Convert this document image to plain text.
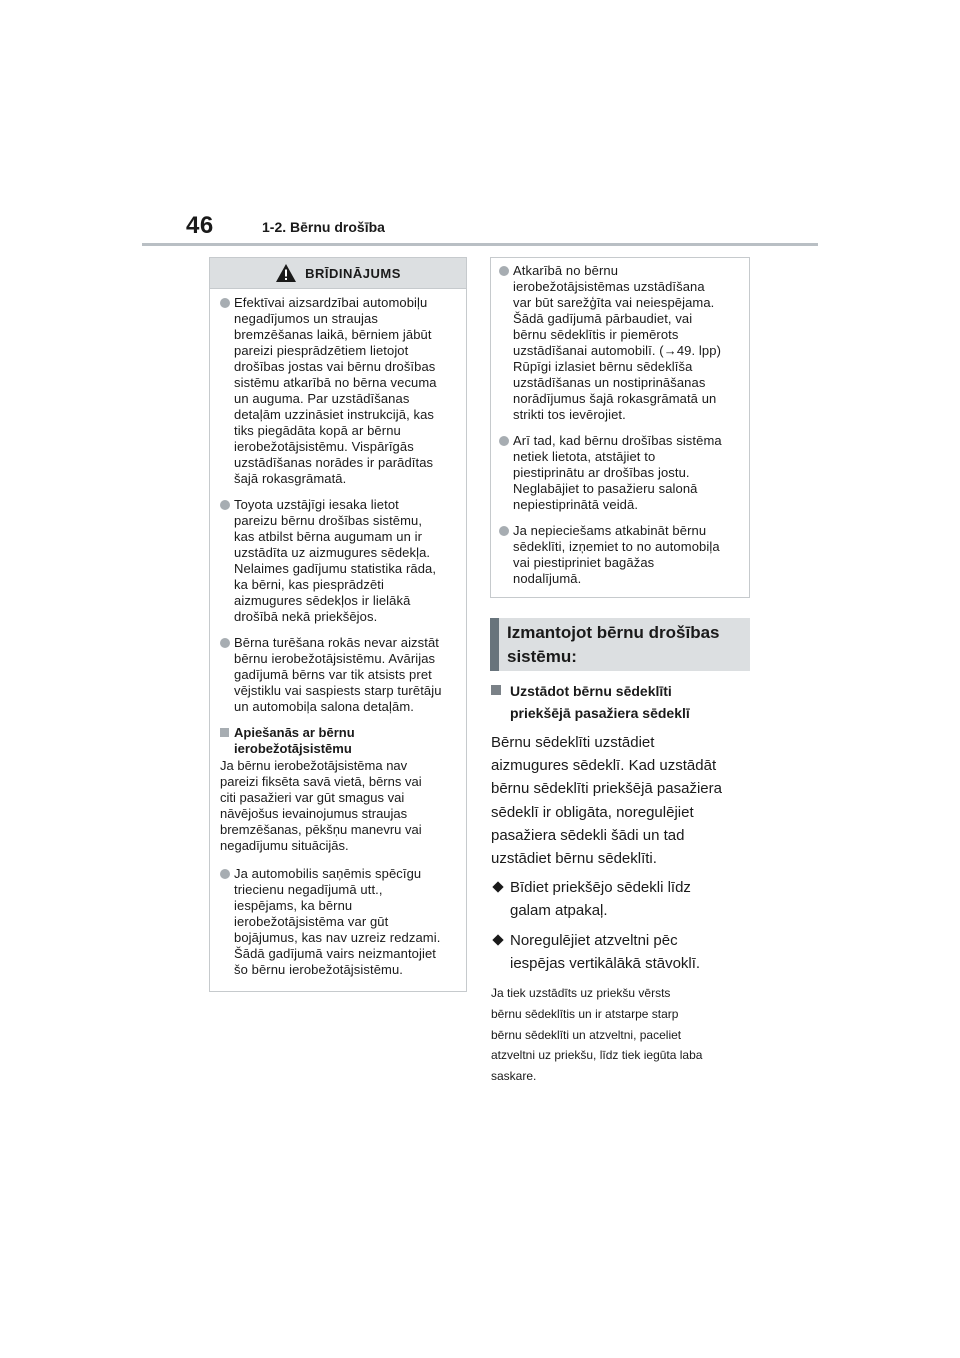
46	1-2. Bērnu drošība
BRĪDINĀJUMS
Efektīvai aizsardzībai automobiļu
negadījumos un straujas
bremzēšanas laikā, bērniem jābūt
pareizi piesprādzētiem lietojot
drošības jostas vai bērnu drošības
sistēmu atkarībā no bērna vecuma
un auguma. Par uzstādīšanas
detaļām uzzināsiet instrukcijā, kas
tiks piegādāta kopā ar bērnu
ierobežotājsistēmu. Vispārīgās
uzstādīšanas norādes ir parādītas
šajā rokasgrāmatā.
Toyota uzstājīgi iesaka lietot
pareizu bērnu drošības sistēmu,
kas atbilst bērna augumam un ir
uzstādīta uz aizmugures sēdekļa.
Nelaimes gadījumu statistika rāda,
ka bērni, kas piesprādzēti
aizmugures sēdekļos ir lielākā
drošībā nekā priekšējos.
Bērna turēšana rokās nevar aizstāt
bērnu ierobežotājsistēmu. Avārijas
gadījumā bērns var tik atsists pret
vējstiklu vai saspiests starp turētāju
un automobiļa salona detaļām.
Apiešanās ar bērnu
ierobežotājsistēmu
Ja bērnu ierobežotājsistēma nav
pareizi fiksēta savā vietā, bērns vai
citi pasažieri var gūt smagus vai
nāvējošus ievainojumus straujas
bremzēšanas, pēkšņu manevru vai
negadījumu situācijās.
Ja automobilis saņēmis spēcīgu
triecienu negadījumā utt.,
iespējams, ka bērnu
ierobežotājsistēma var gūt
bojājumus, kas nav uzreiz redzami.
Šādā gadījumā vairs neizmantojiet
šo bērnu ierobežotājsistēmu.
Atkarībā no bērnu
ierobežotājsistēmas uzstādīšana
var būt sarežģīta vai neiespējama.
Šādā gadījumā pārbaudiet, vai
bērnu sēdeklītis ir piemērots
uzstādīšanai automobilī. (→49. lpp)
Rūpīgi izlasiet bērnu sēdeklīša
uzstādīšanas un nostiprināšanas
norādījumus šajā rokasgrāmatā un
strikti tos ievērojiet.
Arī tad, kad bērnu drošības sistēma
netiek lietota, atstājiet to
piestiprinātu ar drošības jostu.
Neglabājiet to pasažieru salonā
nepiestiprinātā veidā.
Ja nepieciešams atkabināt bērnu
sēdeklīti, izņemiet to no automobiļa
vai piestipriniet bagāžas
nodalījumā.
Izmantojot bērnu drošības
sistēmu:
Uzstādot bērnu sēdeklīti
priekšējā pasažiera sēdeklī
Bērnu sēdeklīti uzstādiet
aizmugures sēdeklī. Kad uzstādāt
bērnu sēdeklīti priekšējā pasažiera
sēdeklī ir obligāta, noregulējiet
pasažiera sēdekli šādi un tad
uzstādiet bērnu sēdeklīti.
Bīdiet priekšējo sēdekli līdz
galam atpakaļ.
Noregulējiet atzveltni pēc
iespējas vertikālākā stāvoklī.
Ja tiek uzstādīts uz priekšu vērsts
bērnu sēdeklītis un ir atstarpe starp
bērnu sēdeklīti un atzveltni, paceliet
atzveltni uz priekšu, līdz tiek iegūta laba
saskare.
